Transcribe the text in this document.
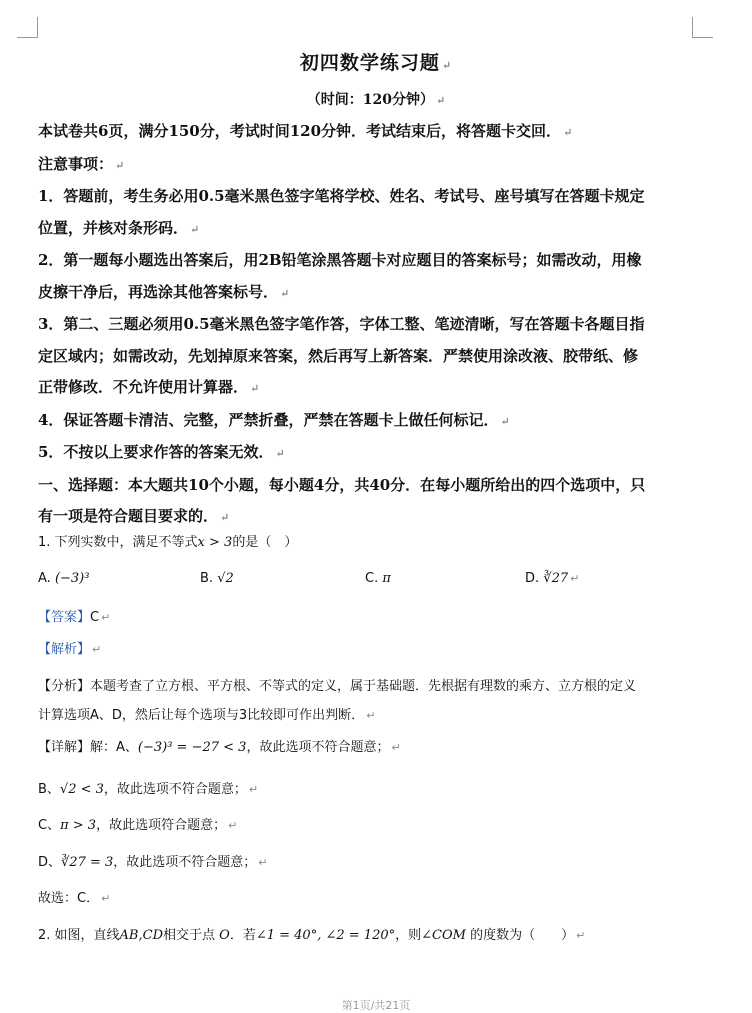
初四数学练习题 ↵
（时间：120分钟） ↵
本试卷共6页，满分150分，考试时间120分钟．考试结束后，将答题卡交回． ↵
注意事项： ↵
1．答题前，考生务必用0.5毫米黑色签字笔将学校、姓名、考试号、座号填写在答题卡规定
位置，并核对条形码． ↵
2．第一题每小题选出答案后，用2B铅笔涂黑答题卡对应题目的答案标号；如需改动，用橡
皮擦干净后，再选涂其他答案标号． ↵
3．第二、三题必须用0.5毫米黑色签字笔作答，字体工整、笔迹清晰，写在答题卡各题目指
定区域内；如需改动，先划掉原来答案，然后再写上新答案．严禁使用涂改液、胶带纸、修
正带修改．不允许使用计算器． ↵
4．保证答题卡清洁、完整，严禁折叠，严禁在答题卡上做任何标记． ↵
5．不按以上要求作答的答案无效． ↵
一、选择题：本大题共10个小题，每小题4分，共40分．在每小题所给出的四个选项中，只
有一项是符合题目要求的． ↵
1. 下列实数中，满足不等式x > 3的是（　）
A. (−3)³	B. √2	C. π	D. ∛27 ↵
【答案】C ↵
【解析】 ↵
【分析】本题考查了立方根、平方根、不等式的定义，属于基础题．先根据有理数的乘方、立方根的定义
计算选项A、D，然后让每个选项与3比较即可作出判断． ↵
【详解】解：A、(−3)³ = −27 < 3，故此选项不符合题意； ↵
B、√2 < 3，故此选项不符合题意； ↵
C、π > 3，故此选项符合题意； ↵
D、∛27 = 3，故此选项不符合题意； ↵
故选：C． ↵
2. 如图，直线AB,CD相交于点 O．若∠1 = 40°, ∠2 = 120°，则∠COM 的度数为（　　） ↵
第1页/共21页
